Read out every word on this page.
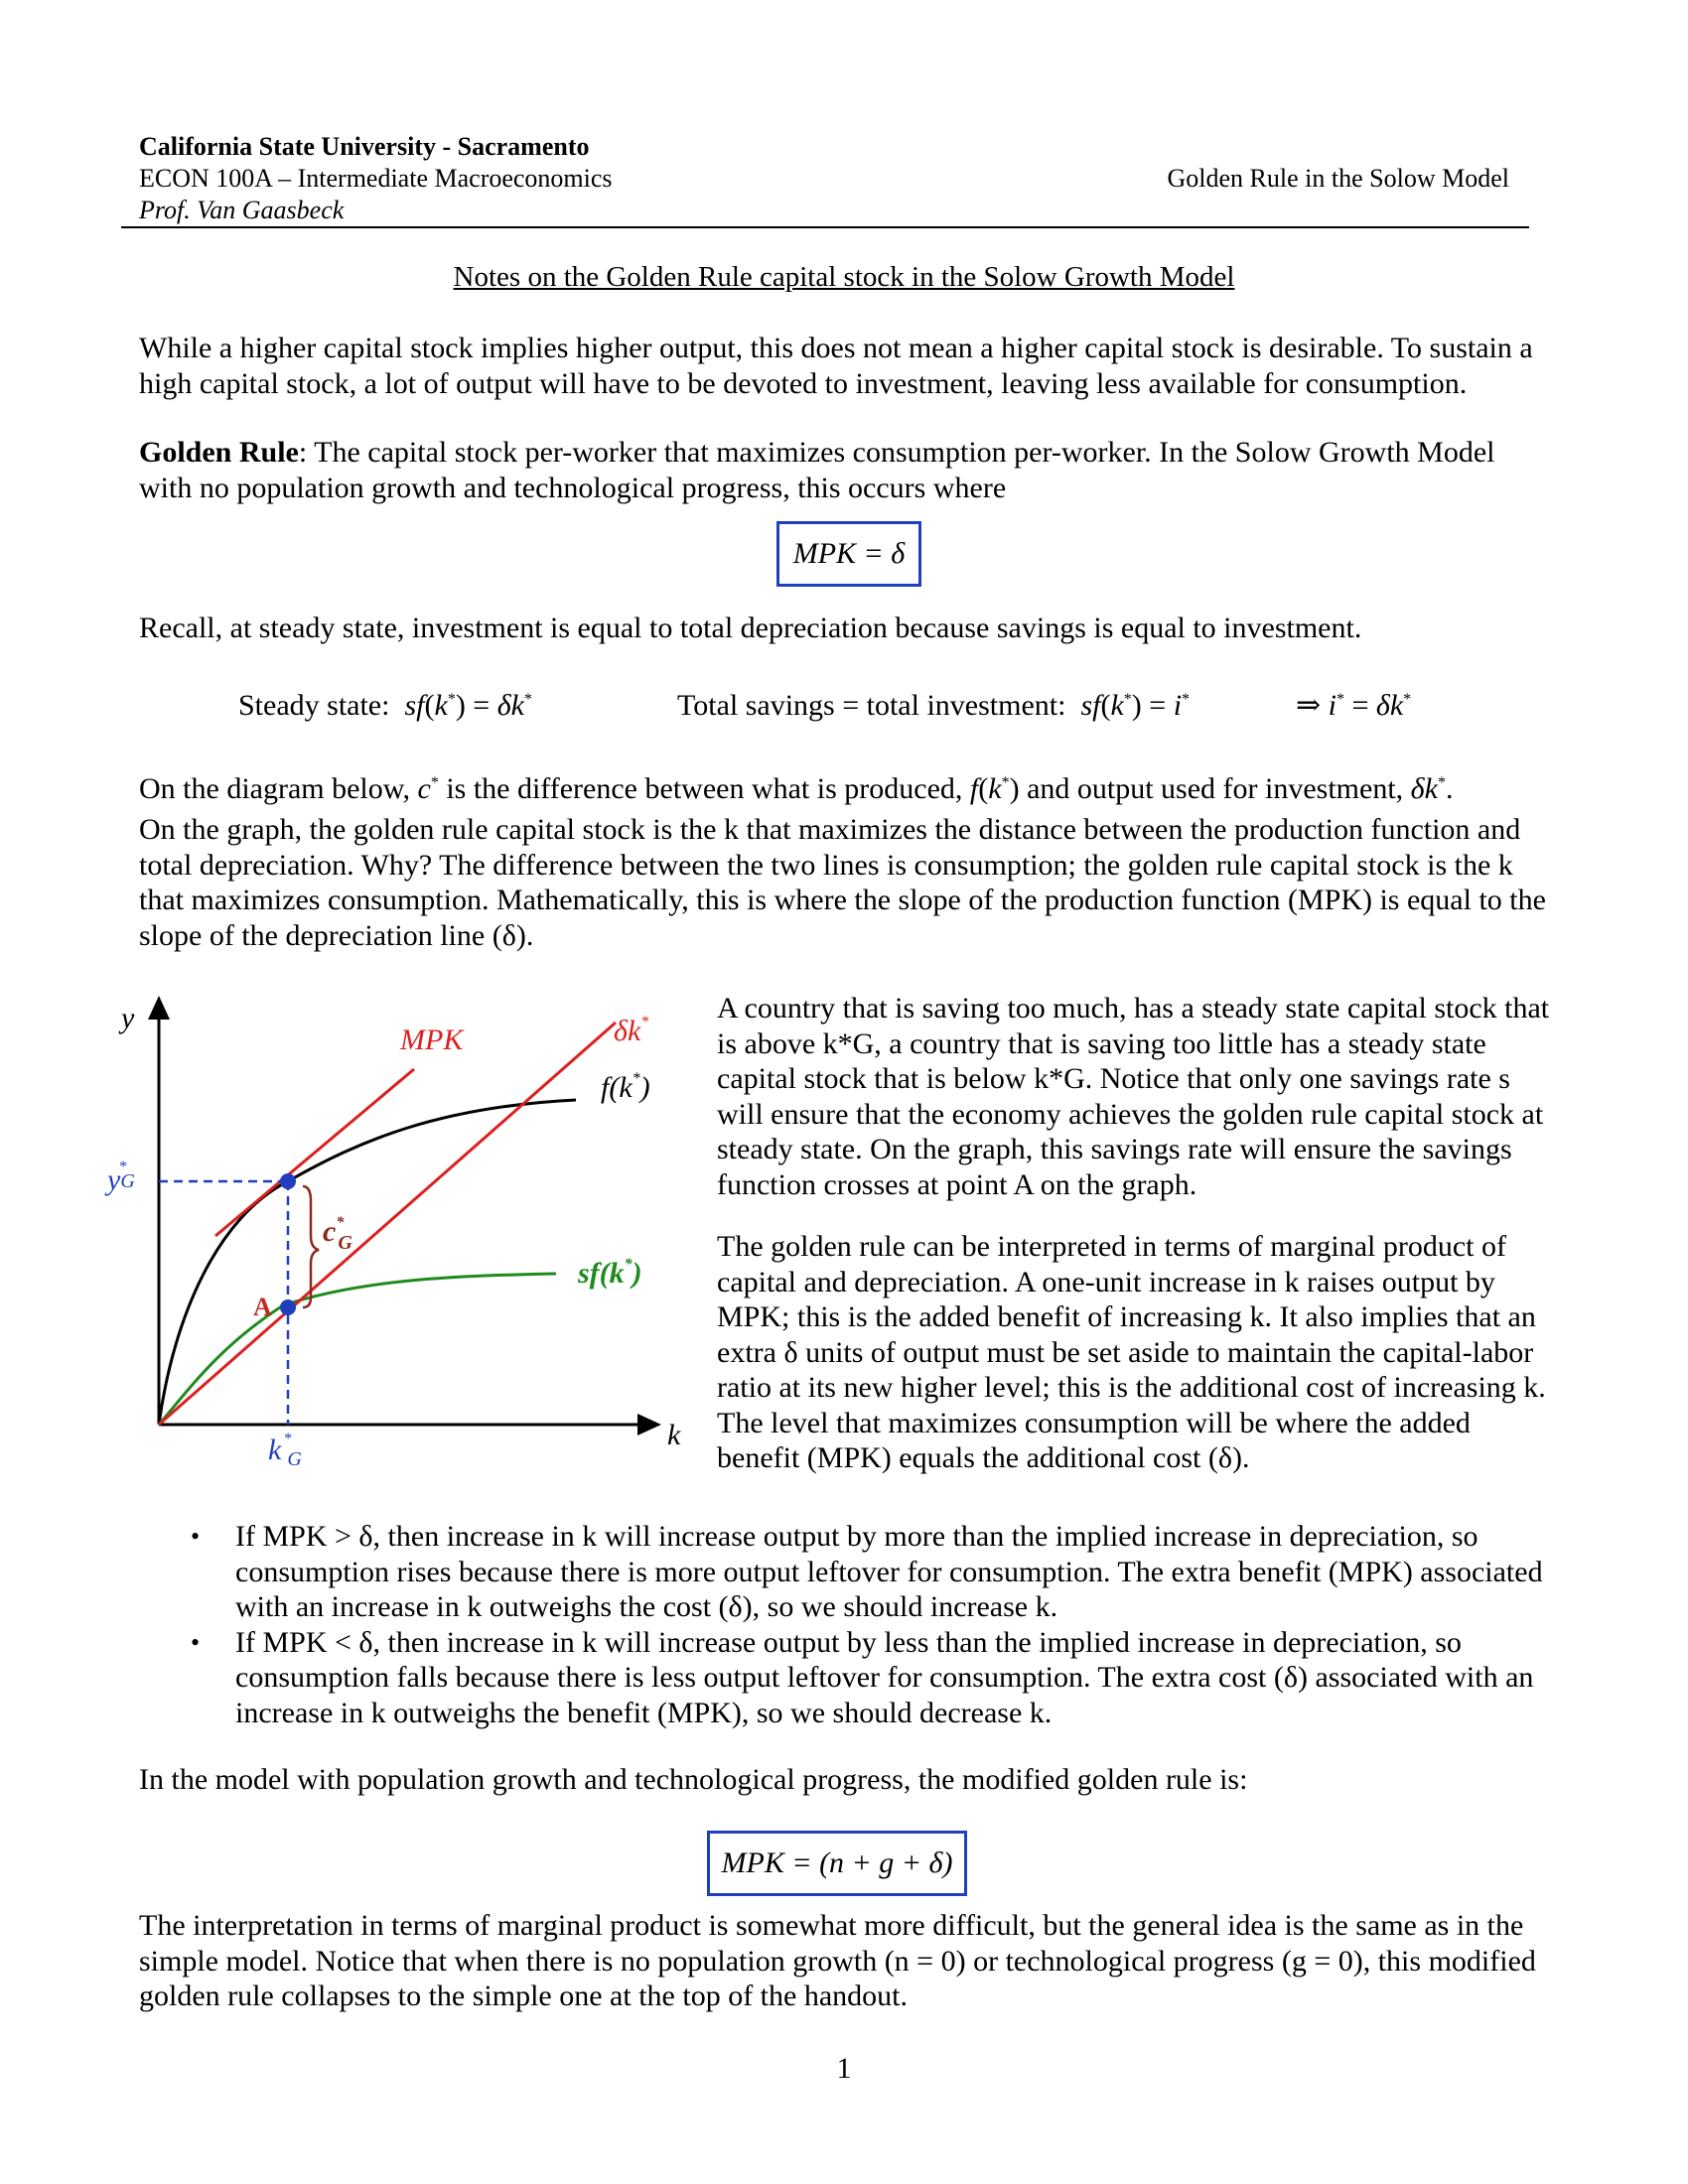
California State University - Sacramento
ECON 100A – Intermediate Macroeconomics
Prof. Van Gaasbeck
Golden Rule in the Solow Model
Notes on the Golden Rule capital stock in the Solow Growth Model
While a higher capital stock implies higher output, this does not mean a higher capital stock is desirable. To sustain a high capital stock, a lot of output will have to be devoted to investment, leaving less available for consumption.
Golden Rule: The capital stock per-worker that maximizes consumption per-worker. In the Solow Growth Model with no population growth and technological progress, this occurs where
MPK = δ
Recall, at steady state, investment is equal to total depreciation because savings is equal to investment.
Steady state: sf(k*) = δk*	Total savings = total investment: sf(k*) = i*	⇒ i* = δk*
On the diagram below, c* is the difference between what is produced, f(k*) and output used for investment, δk*.
On the graph, the golden rule capital stock is the k that maximizes the distance between the production function and total depreciation. Why? The difference between the two lines is consumption; the golden rule capital stock is the k that maximizes consumption. Mathematically, this is where the slope of the production function (MPK) is equal to the slope of the depreciation line (δ).
y
k
A
MPK	δk*
f(k*)
sf(k*)
c* G
y* G
k * G
A country that is saving too much, has a steady state capital stock that is above k*G, a country that is saving too little has a steady state capital stock that is below k*G. Notice that only one savings rate s will ensure that the economy achieves the golden rule capital stock at steady state. On the graph, this savings rate will ensure the savings function crosses at point A on the graph.
The golden rule can be interpreted in terms of marginal product of capital and depreciation. A one-unit increase in k raises output by MPK; this is the added benefit of increasing k. It also implies that an extra δ units of output must be set aside to maintain the capital-labor ratio at its new higher level; this is the additional cost of increasing k. The level that maximizes consumption will be where the added benefit (MPK) equals the additional cost (δ).
• If MPK > δ, then increase in k will increase output by more than the implied increase in depreciation, so consumption rises because there is more output leftover for consumption. The extra benefit (MPK) associated with an increase in k outweighs the cost (δ), so we should increase k.
• If MPK < δ, then increase in k will increase output by less than the implied increase in depreciation, so consumption falls because there is less output leftover for consumption. The extra cost (δ) associated with an increase in k outweighs the benefit (MPK), so we should decrease k.
In the model with population growth and technological progress, the modified golden rule is:
MPK = (n + g + δ)
The interpretation in terms of marginal product is somewhat more difficult, but the general idea is the same as in the simple model. Notice that when there is no population growth (n = 0) or technological progress (g = 0), this modified golden rule collapses to the simple one at the top of the handout.
1
